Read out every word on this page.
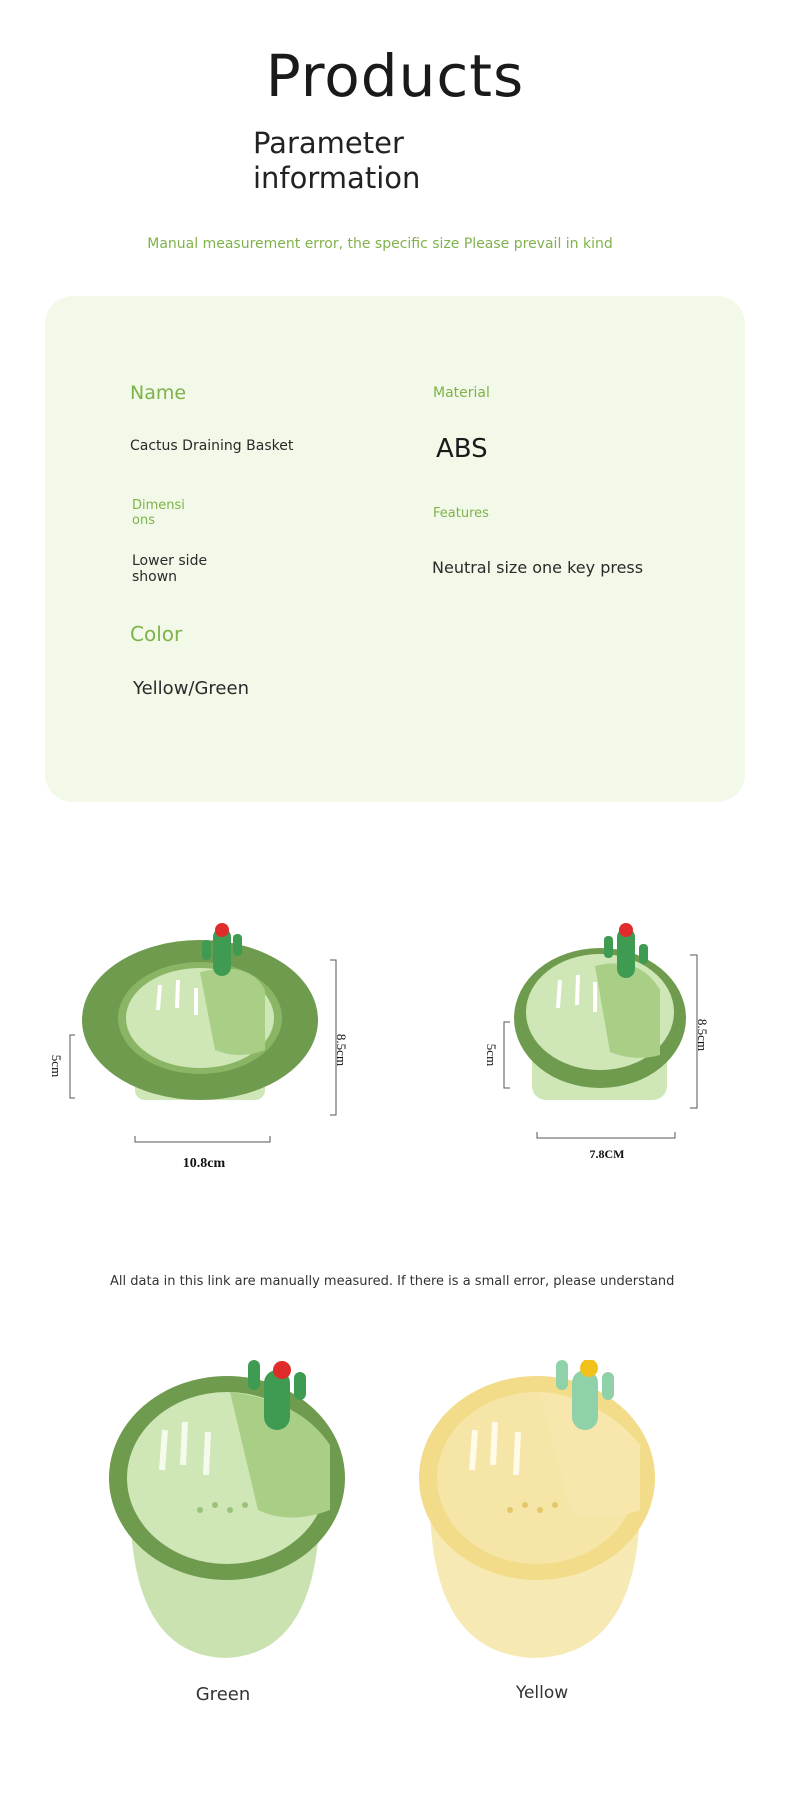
Products
Parameter
information
Manual measurement error, the specific size Please prevail in kind
Name
Cactus Draining Basket
Material
ABS
Dimensi
ons
Lower side
shown
Features
Neutral size one key press
Color
Yellow/Green
5cm	8.5cm
10.8cm
5cm
8.5cm
7.8CM
All data in this link are manually measured. If there is a small error, please understand
Green	Yellow
